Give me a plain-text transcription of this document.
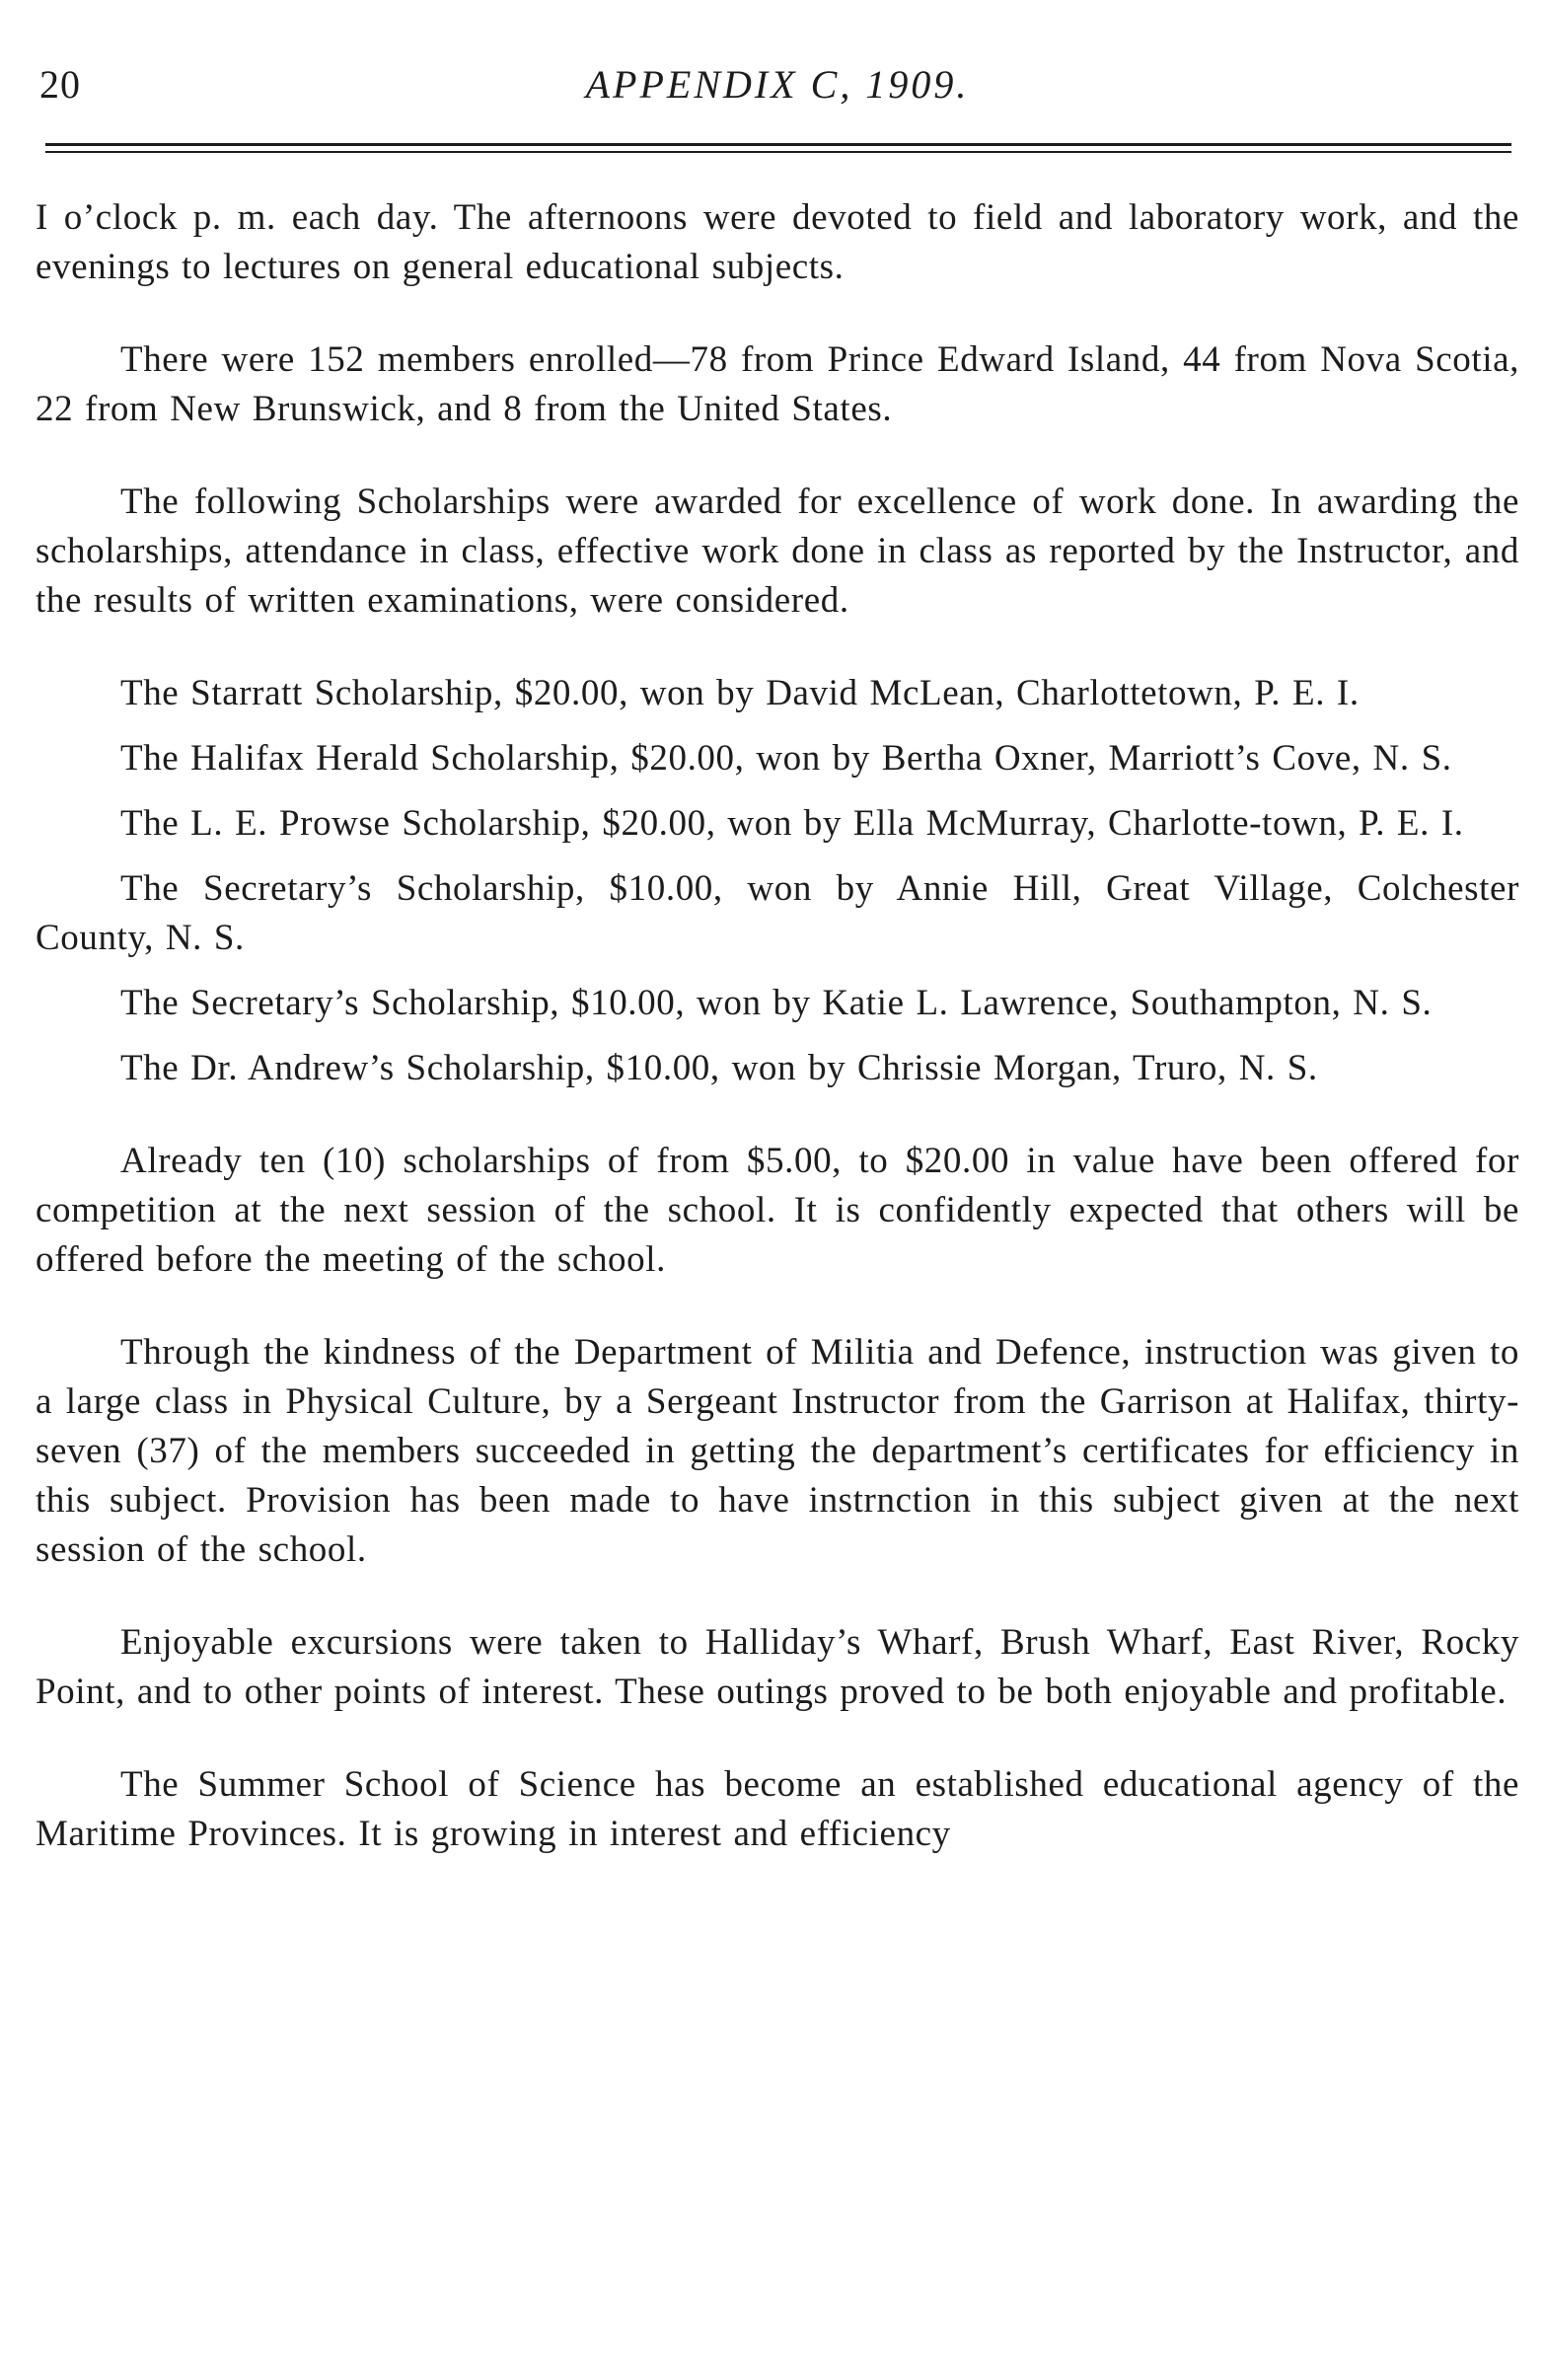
20	APPENDIX C, 1909.

I o’clock p. m. each day. The afternoons were devoted to field and laboratory work, and the evenings to lectures on general educational subjects.

There were 152 members enrolled—78 from Prince Edward Island, 44 from Nova Scotia, 22 from New Brunswick, and 8 from the United States.

The following Scholarships were awarded for excellence of work done. In awarding the scholarships, attendance in class, effective work done in class as reported by the Instructor, and the results of written examinations, were considered.

The Starratt Scholarship, $20.00, won by David McLean, Charlottetown, P. E. I.

The Halifax Herald Scholarship, $20.00, won by Bertha Oxner, Marriott’s Cove, N. S.

The L. E. Prowse Scholarship, $20.00, won by Ella McMurray, Charlotte-town, P. E. I.

The Secretary’s Scholarship, $10.00, won by Annie Hill, Great Village, Colchester County, N. S.

The Secretary’s Scholarship, $10.00, won by Katie L. Lawrence, Southampton, N. S.

The Dr. Andrew’s Scholarship, $10.00, won by Chrissie Morgan, Truro, N. S.

Already ten (10) scholarships of from $5.00, to $20.00 in value have been offered for competition at the next session of the school. It is confidently expected that others will be offered before the meeting of the school.

Through the kindness of the Department of Militia and Defence, instruction was given to a large class in Physical Culture, by a Sergeant Instructor from the Garrison at Halifax, thirty-seven (37) of the members succeeded in getting the department’s certificates for efficiency in this subject. Provision has been made to have instrnction in this subject given at the next session of the school.

Enjoyable excursions were taken to Halliday’s Wharf, Brush Wharf, East River, Rocky Point, and to other points of interest. These outings proved to be both enjoyable and profitable.

The Summer School of Science has become an established educational agency of the Maritime Provinces. It is growing in interest and efficiency
